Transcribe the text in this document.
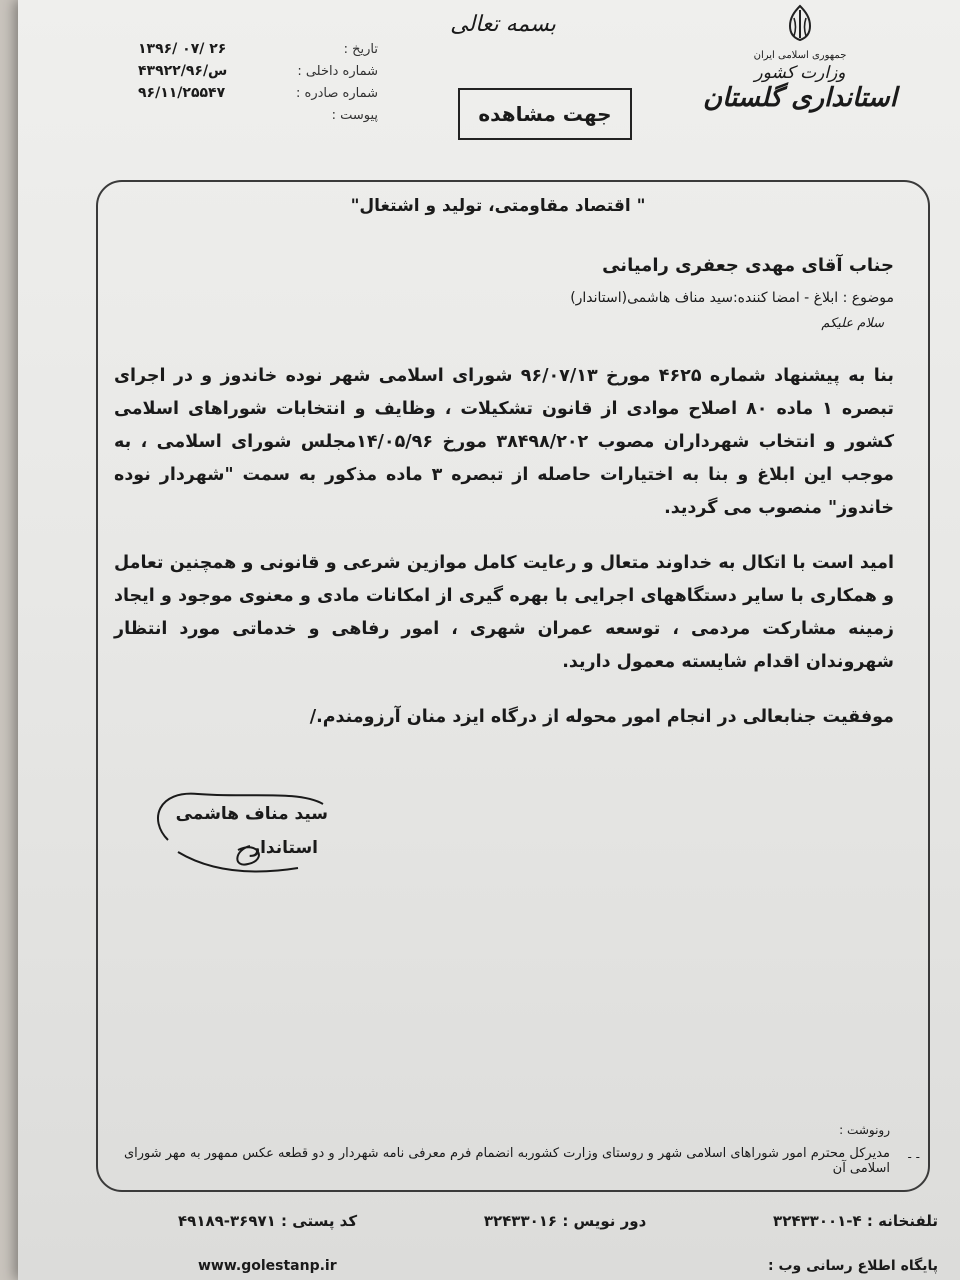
جمهوری اسلامی ایران
وزارت کشور
استانداری گلستان
بسمه تعالی
تاریخ :
۱۳۹۶/ ۰۷/ ۲۶
شماره داخلی :
۴۳۹۲۲/س/۹۶
شماره صادره :
۹۶/۱۱/۲۵۵۴۷
پیوست :	جهت مشاهده
" اقتصاد مقاومتی، تولید و اشتغال"
جناب آقای مهدی جعفری رامیانی
موضوع : ابلاغ - امضا کننده:سید مناف هاشمی(استاندار)
سلام علیکم

بنا به پیشنهاد شماره ۴۶۲۵ مورخ ۹۶/۰۷/۱۳ شورای اسلامی شهر نوده خاندوز و در اجرای تبصره ۱ ماده ۸۰ اصلاح موادی از قانون تشکیلات ، وظایف و انتخابات شوراهای اسلامی کشور و انتخاب شهرداران مصوب ۳۸۴۹۸/۲۰۲ مورخ ۱۴/۰۵/۹۶مجلس شورای اسلامی ، به موجب این ابلاغ و بنا به اختیارات حاصله از تبصره ۳ ماده مذکور به سمت "شهردار نوده خاندوز" منصوب می گردید.

امید است با اتکال به خداوند متعال و رعایت کامل موازین شرعی و قانونی و همچنین تعامل و همکاری با سایر دستگاههای اجرایی با بهره گیری از امکانات مادی و معنوی موجود و ایجاد زمینه مشارکت مردمی ، توسعه عمران شهری ، امور رفاهی و خدماتی مورد انتظار شهروندان اقدام شایسته معمول دارید.

موفقیت جنابعالی در انجام امور محوله از درگاه ایزد منان آرزومندم./

سید مناف هاشمی
استاندار
رونوشت :
- -
مدیرکل محترم امور شوراهای اسلامی شهر و روستای وزارت کشوربه انضمام فرم معرفی نامه شهردار و دو قطعه عکس ممهور به مهر شورای اسلامی آن
تلفنخانه : ۴-۳۲۴۳۳۰۰۱
دور نویس : ۳۲۴۳۳۰۱۶
کد پستی : ۳۶۹۷۱-۴۹۱۸۹
پایگاه اطلاع رسانی وب :
www.golestanp.ir
